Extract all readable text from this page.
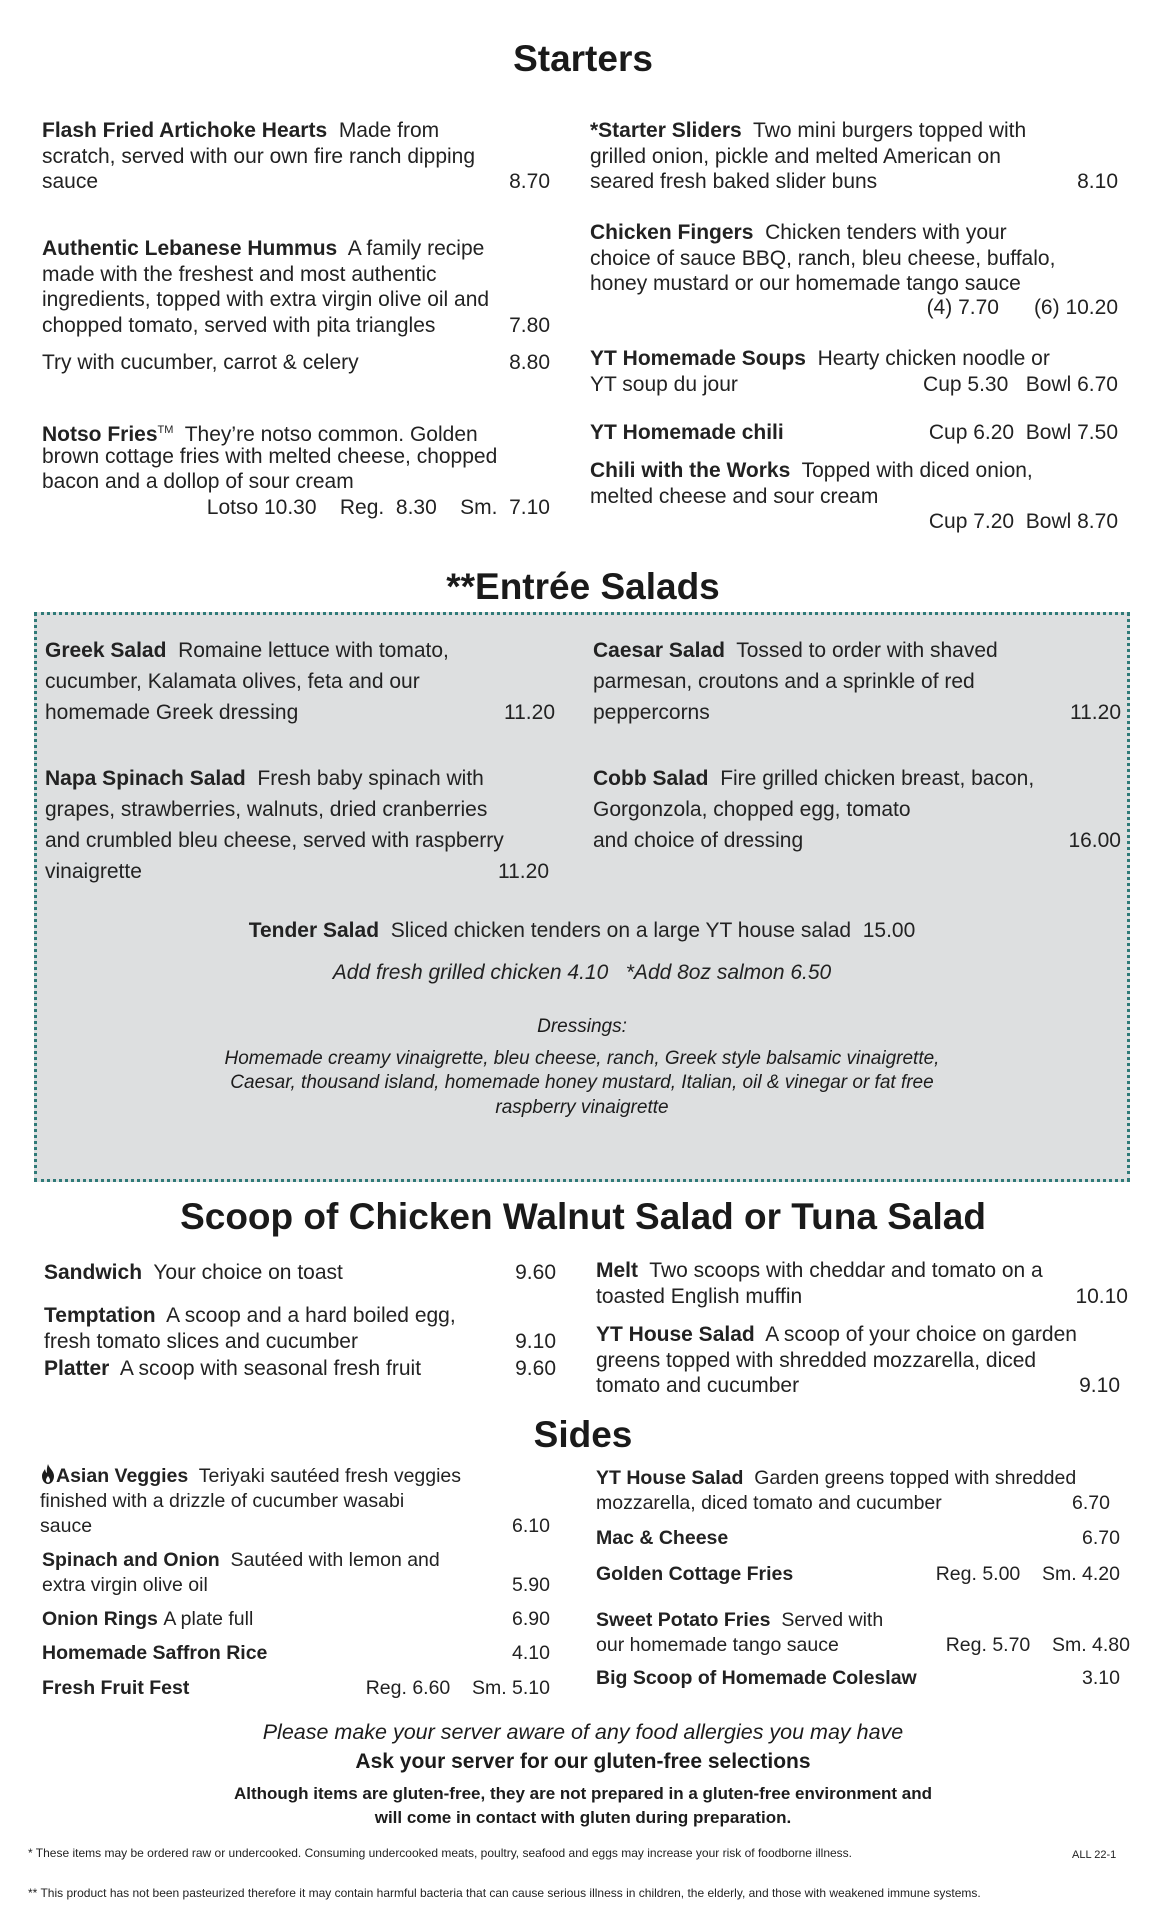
Starters
Flash Fried Artichoke Hearts Made from
scratch, served with our own fire ranch dipping
sauce	8.70
Authentic Lebanese Hummus A family recipe
made with the freshest and most authentic
ingredients, topped with extra virgin olive oil and
chopped tomato, served with pita triangles	7.80
Try with cucumber, carrot & celery	8.80
Notso Fries™ They’re notso common. Golden
brown cottage fries with melted cheese, chopped
bacon and a dollop of sour cream
Lotso 10.30    Reg.  8.30    Sm.  7.10
*Starter Sliders Two mini burgers topped with
grilled onion, pickle and melted American on
seared fresh baked slider buns	8.10
Chicken Fingers Chicken tenders with your
choice of sauce BBQ, ranch, bleu cheese, buffalo,
honey mustard or our homemade tango sauce
(4) 7.70      (6) 10.20
YT Homemade Soups Hearty chicken noodle or
YT soup du jour	Cup 5.30   Bowl 6.70
YT Homemade chili	Cup 6.20  Bowl 7.50
Chili with the Works Topped with diced onion,
melted cheese and sour cream
Cup 7.20  Bowl 8.70
**Entrée Salads
Greek Salad Romaine lettuce with tomato,
cucumber, Kalamata olives, feta and our
homemade Greek dressing	11.20
Napa Spinach Salad Fresh baby spinach with
grapes, strawberries, walnuts, dried cranberries
and crumbled bleu cheese, served with raspberry
vinaigrette	11.20
Caesar Salad Tossed to order with shaved
parmesan, croutons and a sprinkle of red
peppercorns	11.20
Cobb Salad Fire grilled chicken breast, bacon,
Gorgonzola, chopped egg, tomato
and choice of dressing	16.00
Tender Salad Sliced chicken tenders on a large YT house salad 15.00
Add fresh grilled chicken 4.10   *Add 8oz salmon 6.50
Dressings:
Homemade creamy vinaigrette, bleu cheese, ranch, Greek style balsamic vinaigrette,
Caesar, thousand island, homemade honey mustard, Italian, oil & vinegar or fat free
raspberry vinaigrette
Scoop of Chicken Walnut Salad or Tuna Salad
Sandwich Your choice on toast	9.60
Temptation A scoop and a hard boiled egg,
fresh tomato slices and cucumber	9.10
Platter A scoop with seasonal fresh fruit	9.60
Melt Two scoops with cheddar and tomato on a
toasted English muffin	10.10
YT House Salad A scoop of your choice on garden
greens topped with shredded mozzarella, diced
tomato and cucumber	9.10
Sides
Asian Veggies Teriyaki sautéed fresh veggies
finished with a drizzle of cucumber wasabi
sauce	6.10
Spinach and Onion Sautéed with lemon and
extra virgin olive oil	5.90
Onion Rings A plate full	6.90
Homemade Saffron Rice	4.10
Fresh Fruit Fest	Reg. 6.60    Sm. 5.10
YT House Salad Garden greens topped with shredded
mozzarella, diced tomato and cucumber	6.70
Mac & Cheese	6.70
Golden Cottage Fries	Reg. 5.00    Sm. 4.20
Sweet Potato Fries Served with
our homemade tango sauce	Reg. 5.70    Sm. 4.80
Big Scoop of Homemade Coleslaw	3.10
Please make your server aware of any food allergies you may have
Ask your server for our gluten-free selections
Although items are gluten-free, they are not prepared in a gluten-free environment and
will come in contact with gluten during preparation.
* These items may be ordered raw or undercooked. Consuming undercooked meats, poultry, seafood and eggs may increase your risk of foodborne illness.	ALL 22-1
** This product has not been pasteurized therefore it may contain harmful bacteria that can cause serious illness in children, the elderly, and those with weakened immune systems.
